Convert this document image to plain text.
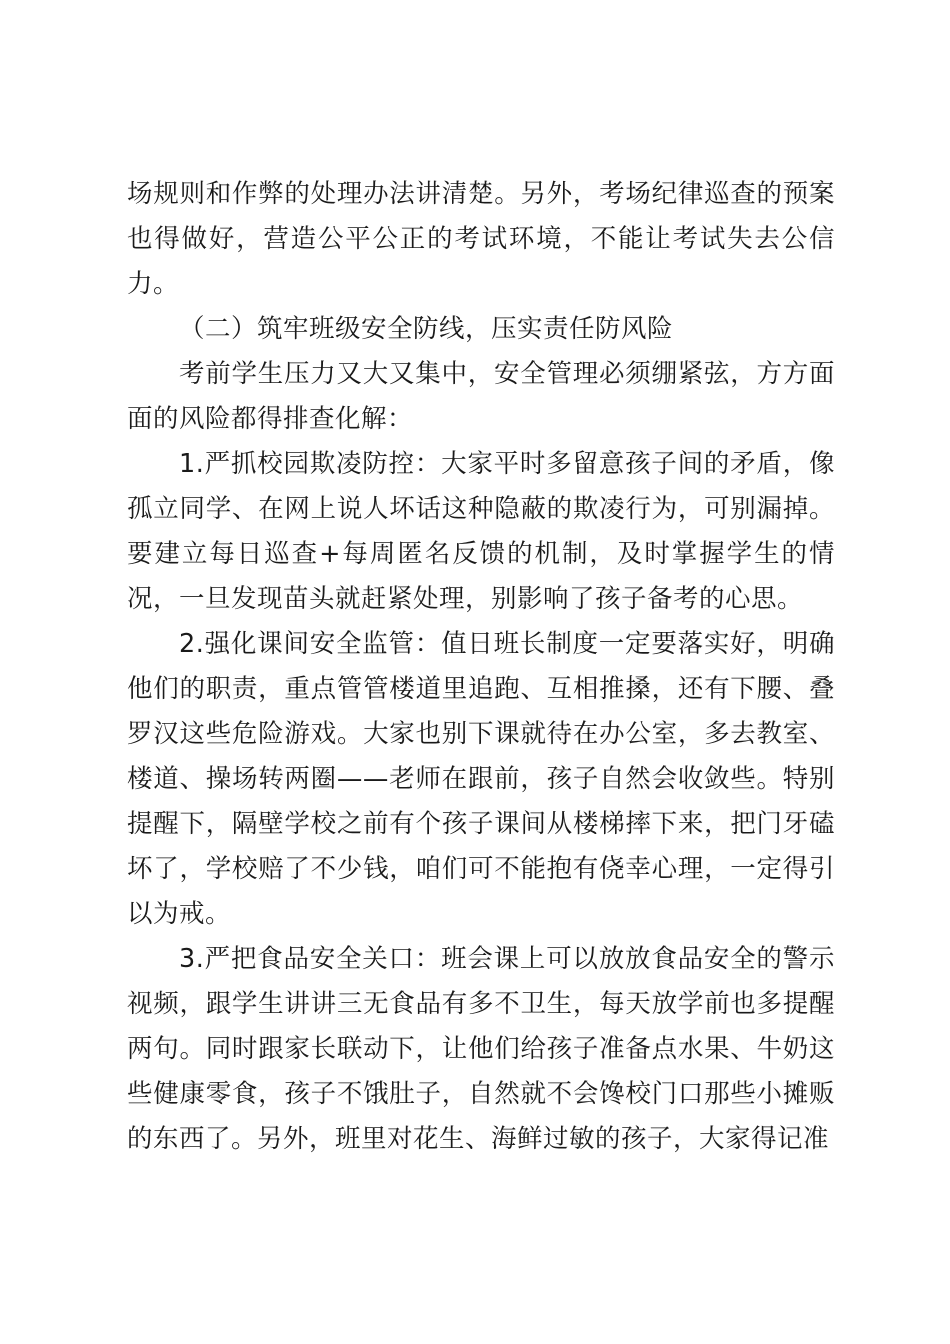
场规则和作弊的处理办法讲清楚。另外，考场纪律巡查的预案也得做好，营造公平公正的考试环境，不能让考试失去公信力。

（二）筑牢班级安全防线，压实责任防风险

考前学生压力又大又集中，安全管理必须绷紧弦，方方面面的风险都得排查化解：

1.严抓校园欺凌防控：大家平时多留意孩子间的矛盾，像孤立同学、在网上说人坏话这种隐蔽的欺凌行为，可别漏掉。要建立每日巡查+每周匿名反馈的机制，及时掌握学生的情况，一旦发现苗头就赶紧处理，别影响了孩子备考的心思。

2.强化课间安全监管：值日班长制度一定要落实好，明确他们的职责，重点管管楼道里追跑、互相推搡，还有下腰、叠罗汉这些危险游戏。大家也别下课就待在办公室，多去教室、楼道、操场转两圈——老师在跟前，孩子自然会收敛些。特别提醒下，隔壁学校之前有个孩子课间从楼梯摔下来，把门牙磕坏了，学校赔了不少钱，咱们可不能抱有侥幸心理，一定得引以为戒。

3.严把食品安全关口：班会课上可以放放食品安全的警示视频，跟学生讲讲三无食品有多不卫生，每天放学前也多提醒两句。同时跟家长联动下，让他们给孩子准备点水果、牛奶这些健康零食，孩子不饿肚子，自然就不会馋校门口那些小摊贩的东西了。另外，班里对花生、海鲜过敏的孩子，大家得记准
